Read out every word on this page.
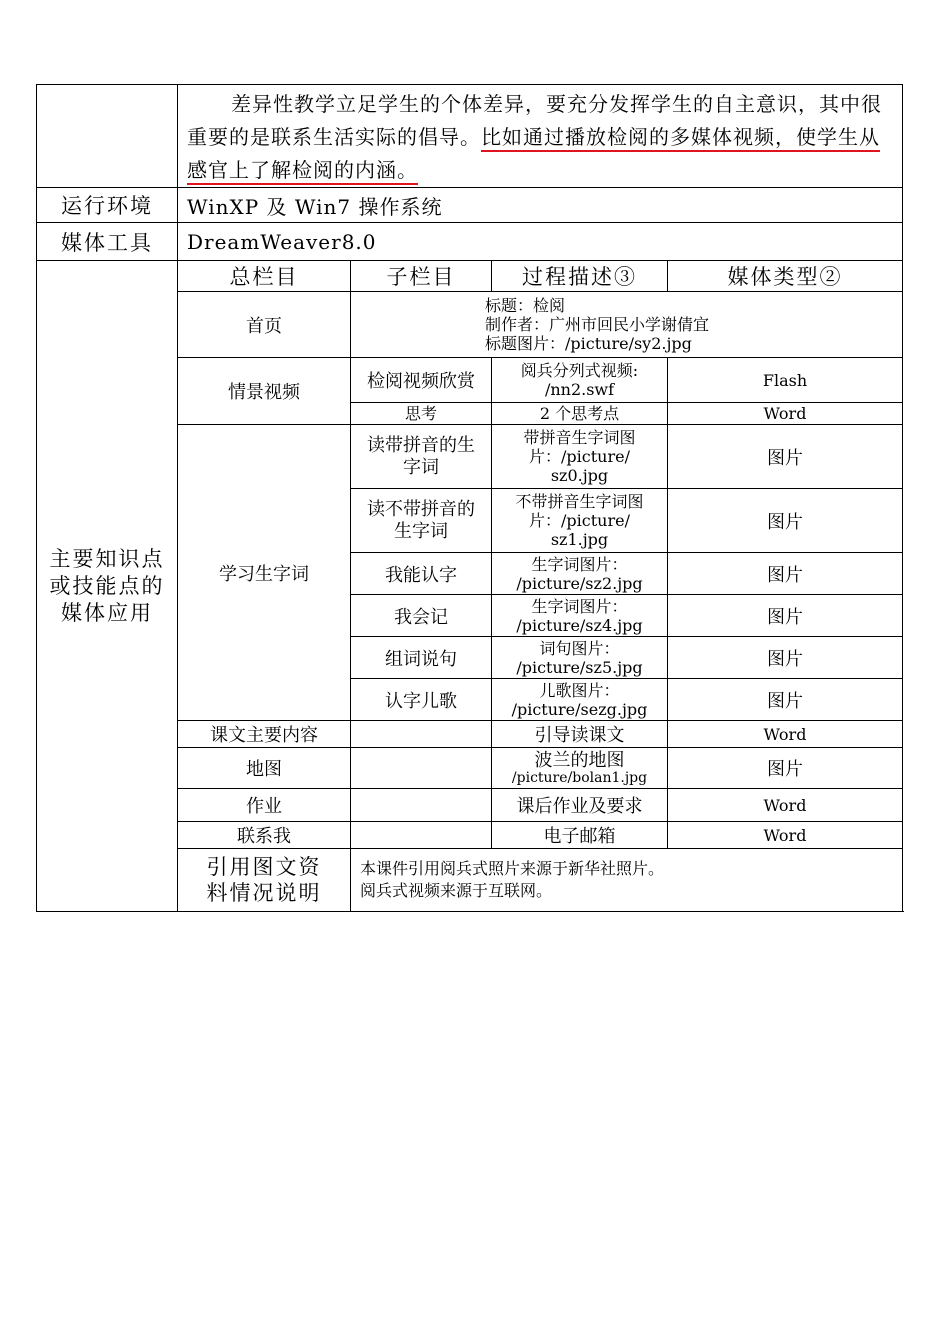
	差异性教学立足学生的个体差异，要充分发挥学生的自主意识，其中很重要的是联系生活实际的倡导。比如通过播放检阅的多媒体视频，使学生从感官上了解检阅的内涵。			
运行环境	WinXP 及 Win7 操作系统			
媒体工具	DreamWeaver8.0			

主要知识点
或技能点的
媒体应用	总栏目	子栏目	过程描述③	媒体类型②
	首页	标题：检阅
制作者：广州市回民小学谢倩宜
标题图片：/picture/sy2.jpg		

	情景视频	检阅视频欣赏	阅兵分列式视频:
/nn2.swf	Flash
		思考	2 个思考点	Word
	学习生字词	读带拼音的生
字词	带拼音生字词图
片：/picture/
sz0.jpg	图片

		读不带拼音的
生字词	不带拼音生字词图
片：/picture/
sz1.jpg	图片
		我能认字	生字词图片：
/picture/sz2.jpg	图片
		我会记	生字词图片：
/picture/sz4.jpg	图片
		组词说句	词句图片：
/picture/sz5.jpg	图片
		认字儿歌	儿歌图片：
/picture/sezg.jpg	图片
	课文主要内容		引导读课文	Word
	地图		波兰的地图
/picture/bolan1.jpg	图片
	作业		课后作业及要求	Word
	联系我		电子邮箱	Word

	引用图文资
料情况说明	本课件引用阅兵式照片来源于新华社照片。
阅兵式视频来源于互联网。		
